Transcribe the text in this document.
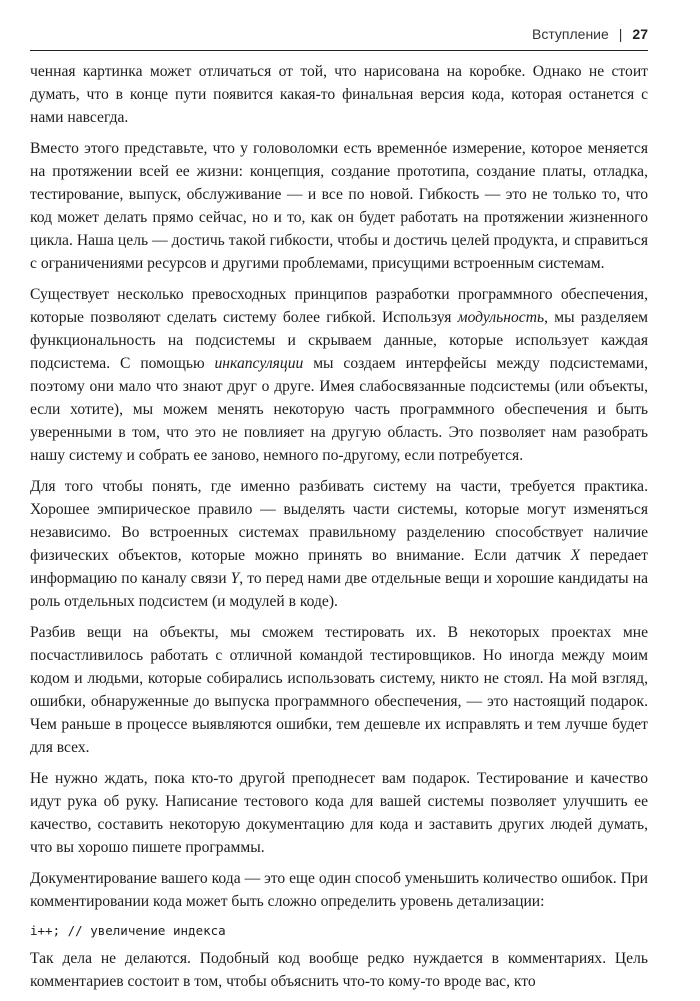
Вступление | 27

ченная картинка может отличаться от той, что нарисована на коробке. Однако не стоит думать, что в конце пути появится какая-то финальная версия кода, которая останется с нами навсегда.

Вместо этого представьте, что у головоломки есть временнóе измерение, которое меняется на протяжении всей ее жизни: концепция, создание прототипа, создание платы, отладка, тестирование, выпуск, обслуживание — и все по новой. Гибкость — это не только то, что код может делать прямо сейчас, но и то, как он будет работать на протяжении жизненного цикла. Наша цель — достичь такой гибкости, чтобы и достичь целей продукта, и справиться с ограничениями ресурсов и другими проблемами, присущими встроенным системам.

Существует несколько превосходных принципов разработки программного обеспечения, которые позволяют сделать систему более гибкой. Используя модульность, мы разделяем функциональность на подсистемы и скрываем данные, которые использует каждая подсистема. С помощью инкапсуляции мы создаем интерфейсы между подсистемами, поэтому они мало что знают друг о друге. Имея слабосвязанные подсистемы (или объекты, если хотите), мы можем менять некоторую часть программного обеспечения и быть уверенными в том, что это не повлияет на другую область. Это позволяет нам разобрать нашу систему и собрать ее заново, немного по-другому, если потребуется.

Для того чтобы понять, где именно разбивать систему на части, требуется практика. Хорошее эмпирическое правило — выделять части системы, которые могут изменяться независимо. Во встроенных системах правильному разделению способствует наличие физических объектов, которые можно принять во внимание. Если датчик X передает информацию по каналу связи Y, то перед нами две отдельные вещи и хорошие кандидаты на роль отдельных подсистем (и модулей в коде).

Разбив вещи на объекты, мы сможем тестировать их. В некоторых проектах мне посчастливилось работать с отличной командой тестировщиков. Но иногда между моим кодом и людьми, которые собирались использовать систему, никто не стоял. На мой взгляд, ошибки, обнаруженные до выпуска программного обеспечения, — это настоящий подарок. Чем раньше в процессе выявляются ошибки, тем дешевле их исправлять и тем лучше будет для всех.

Не нужно ждать, пока кто-то другой преподнесет вам подарок. Тестирование и качество идут рука об руку. Написание тестового кода для вашей системы позволяет улучшить ее качество, составить некоторую документацию для кода и заставить других людей думать, что вы хорошо пишете программы.

Документирование вашего кода — это еще один способ уменьшить количество ошибок. При комментировании кода может быть сложно определить уровень детализации:

i++; // увеличение индекса

Так дела не делаются. Подобный код вообще редко нуждается в комментариях. Цель комментариев состоит в том, чтобы объяснить что-то кому-то вроде вас, кто
